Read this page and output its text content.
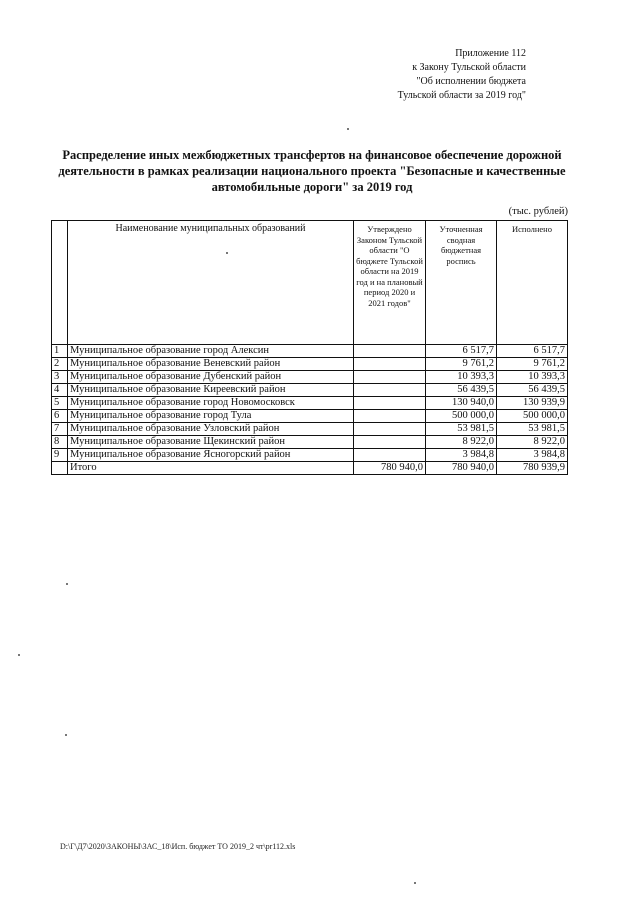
Приложение 112
к Закону Тульской области
"Об исполнении бюджета
Тульской области за 2019 год"
Распределение иных межбюджетных трансфертов на финансовое обеспечение дорожной
деятельности в рамках реализации национального проекта "Безопасные и качественные
автомобильные дороги" за 2019 год
(тыс. рублей)
	Наименование муниципальных образований	Утверждено Законом Тульской области "О бюджете Тульской области на 2019 год и на плановый период 2020 и 2021 годов"	Уточненная сводная бюджетная роспись	Исполнено
1	Муниципальное образование город Алексин		6 517,7	6 517,7
2	Муниципальное образование Веневский район		9 761,2	9 761,2
3	Муниципальное образование Дубенский район		10 393,3	10 393,3
4	Муниципальное образование Киреевский район		56 439,5	56 439,5
5	Муниципальное образование город Новомосковск		130 940,0	130 939,9
6	Муниципальное образование город Тула		500 000,0	500 000,0
7	Муниципальное образование Узловский район		53 981,5	53 981,5
8	Муниципальное образование Щекинский район		8 922,0	8 922,0
9	Муниципальное образование Ясногорский район		3 984,8	3 984,8
	Итого	780 940,0	780 940,0	780 939,9
D:\Г\Д7\2020\ЗАКОНЫ\ЗАС_18\Исп. бюджет ТО 2019_2 чт\pr112.xls
